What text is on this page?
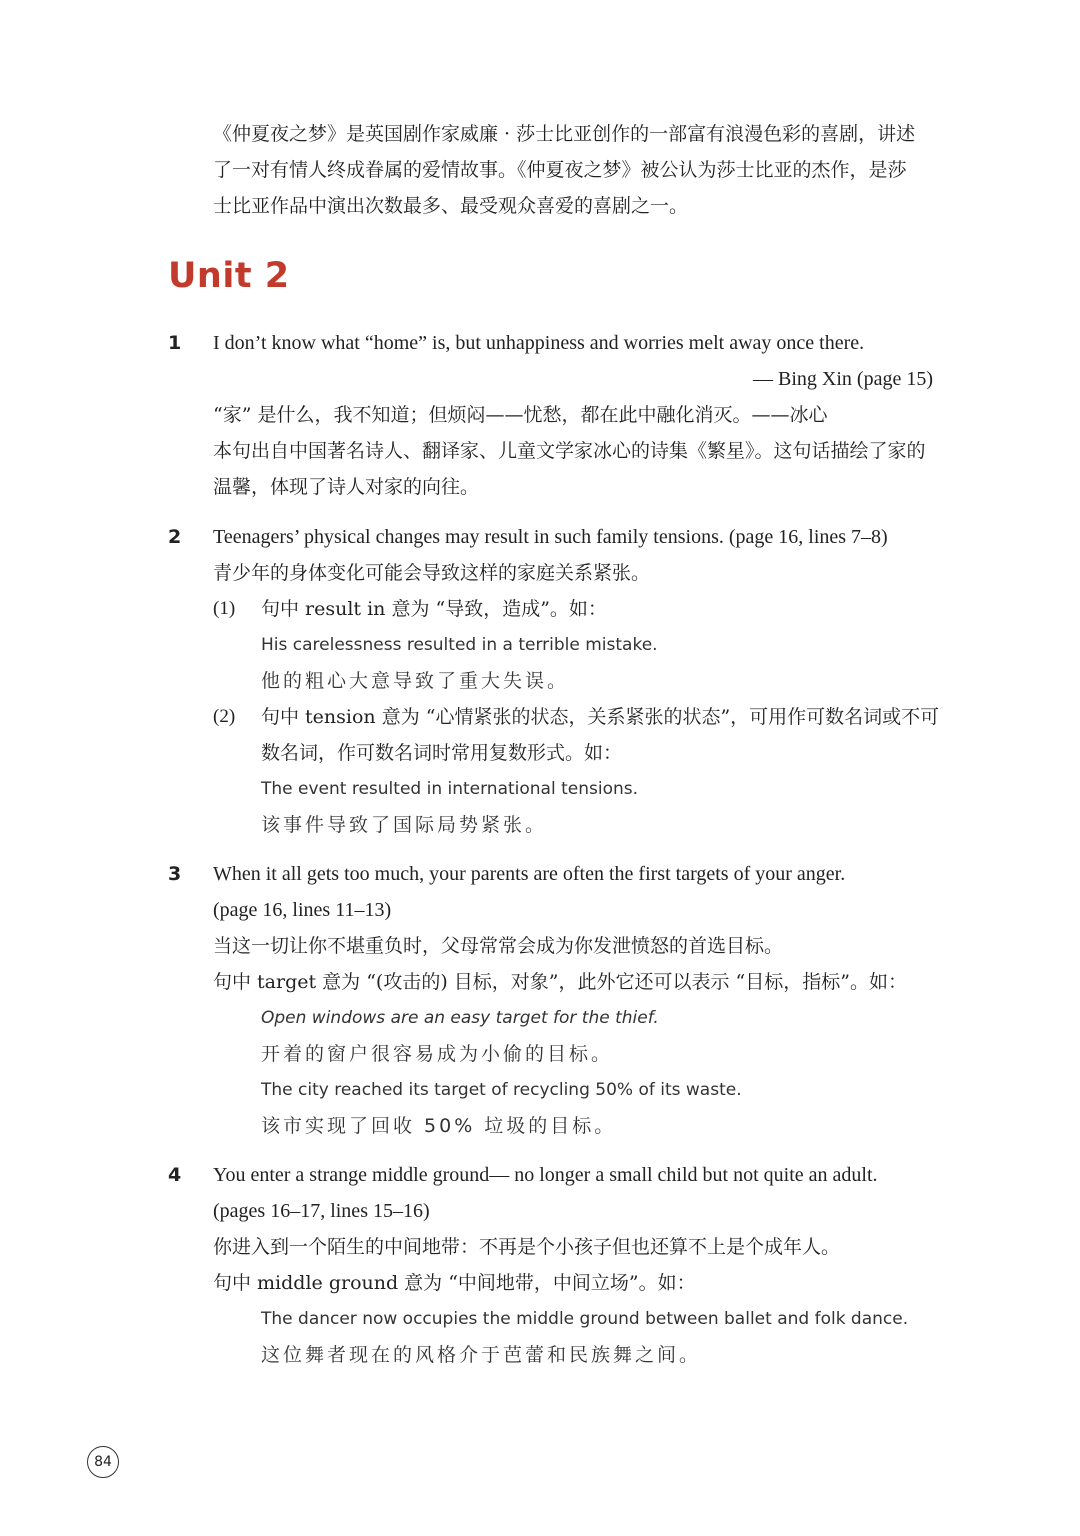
《仲夏夜之梦》是英国剧作家威廉 · 莎士比亚创作的一部富有浪漫色彩的喜剧，讲述

了一对有情人终成眷属的爱情故事。《仲夏夜之梦》被公认为莎士比亚的杰作，是莎

士比亚作品中演出次数最多、最受观众喜爱的喜剧之一。

Unit 2
1 I don’t know what “home” is, but unhappiness and worries melt away once there.
— Bing Xin (page 15)
“家” 是什么，我不知道；但烦闷——忧愁，都在此中融化消灭。——冰心
本句出自中国著名诗人、翻译家、儿童文学家冰心的诗集《繁星》。这句话描绘了家的
温馨，体现了诗人对家的向往。
2 Teenagers’ physical changes may result in such family tensions. (page 16, lines 7–8)
青少年的身体变化可能会导致这样的家庭关系紧张。
(1) 句中 result in 意为 “导致，造成”。如：
His carelessness resulted in a terrible mistake.
他的粗心大意导致了重大失误。
(2) 句中 tension 意为 “心情紧张的状态，关系紧张的状态”，可用作可数名词或不可
数名词，作可数名词时常用复数形式。如：
The event resulted in international tensions.
该事件导致了国际局势紧张。
3 When it all gets too much, your parents are often the first targets of your anger.
(page 16, lines 11–13)
当这一切让你不堪重负时，父母常常会成为你发泄愤怒的首选目标。
句中 target 意为 “(攻击的) 目标，对象”，此外它还可以表示 “目标，指标”。如：
Open windows are an easy target for the thief.
开着的窗户很容易成为小偷的目标。
The city reached its target of recycling 50% of its waste.
该市实现了回收 50% 垃圾的目标。
4 You enter a strange middle ground— no longer a small child but not quite an adult.
(pages 16–17, lines 15–16)
你进入到一个陌生的中间地带：不再是个小孩子但也还算不上是个成年人。
句中 middle ground 意为 “中间地带，中间立场”。如：
The dancer now occupies the middle ground between ballet and folk dance.
这位舞者现在的风格介于芭蕾和民族舞之间。
84
